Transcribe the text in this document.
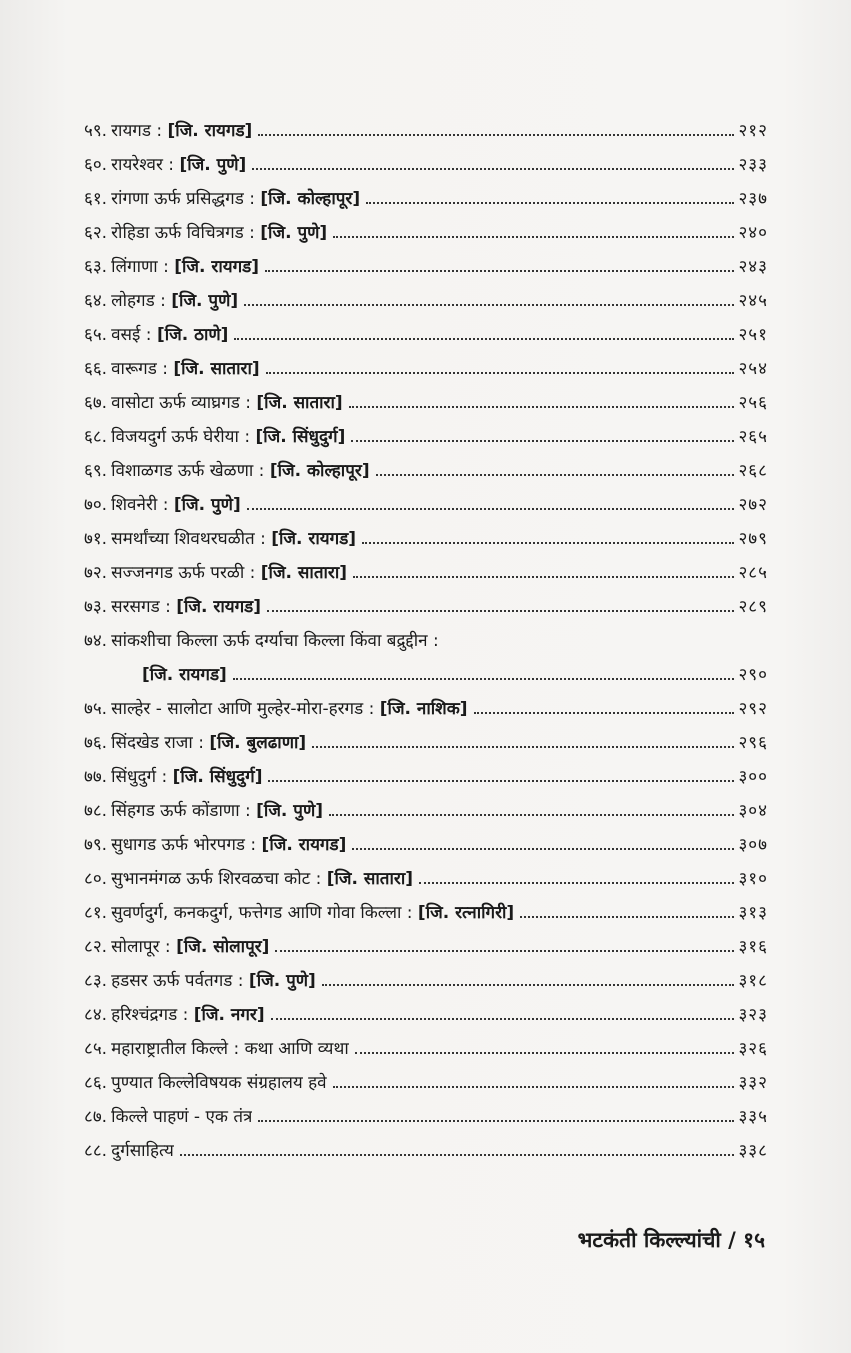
५९. रायगड : [जि. रायगड]	२१२
६०. रायरेश्वर : [जि. पुणे]	२३३
६१. रांगणा ऊर्फ प्रसिद्धगड : [जि. कोल्हापूर]	२३७
६२. रोहिडा ऊर्फ विचित्रगड : [जि. पुणे]	२४०
६३. लिंगाणा : [जि. रायगड]	२४३
६४. लोहगड : [जि. पुणे]	२४५
६५. वसई : [जि. ठाणे]	२५१
६६. वारूगड : [जि. सातारा]	२५४
६७. वासोटा ऊर्फ व्याघ्रगड : [जि. सातारा]	२५६
६८. विजयदुर्ग ऊर्फ घेरीया : [जि. सिंधुदुर्ग]	२६५
६९. विशाळगड ऊर्फ खेळणा : [जि. कोल्हापूर]	२६८
७०. शिवनेरी : [जि. पुणे]	२७२
७१. समर्थांच्या शिवथरघळीत : [जि. रायगड]	२७९
७२. सज्जनगड ऊर्फ परळी : [जि. सातारा]	२८५
७३. सरसगड : [जि. रायगड]	२८९
७४. सांकशीचा किल्ला ऊर्फ दर्ग्याचा किल्ला किंवा बद्रुद्दीन :
[जि. रायगड]	२९०
७५. साल्हेर - सालोटा आणि मुल्हेर-मोरा-हरगड : [जि. नाशिक]	२९२
७६. सिंदखेड राजा : [जि. बुलढाणा]	२९६
७७. सिंधुदुर्ग : [जि. सिंधुदुर्ग]	३००
७८. सिंहगड ऊर्फ कोंडाणा : [जि. पुणे]	३०४
७९. सुधागड ऊर्फ भोरपगड : [जि. रायगड]	३०७
८०. सुभानमंगळ ऊर्फ शिरवळचा कोट : [जि. सातारा]	३१०
८१. सुवर्णदुर्ग, कनकदुर्ग, फत्तेगड आणि गोवा किल्ला : [जि. रत्नागिरी]	३१३
८२. सोलापूर : [जि. सोलापूर]	३१६
८३. हडसर ऊर्फ पर्वतगड : [जि. पुणे]	३१८
८४. हरिश्चंद्रगड : [जि. नगर]	३२३
८५. महाराष्ट्रातील किल्ले : कथा आणि व्यथा	३२६
८६. पुण्यात किल्लेविषयक संग्रहालय हवे	३३२
८७. किल्ले पाहणं - एक तंत्र	३३५
८८. दुर्गसाहित्य	३३८
भटकंती किल्ल्यांची / १५
